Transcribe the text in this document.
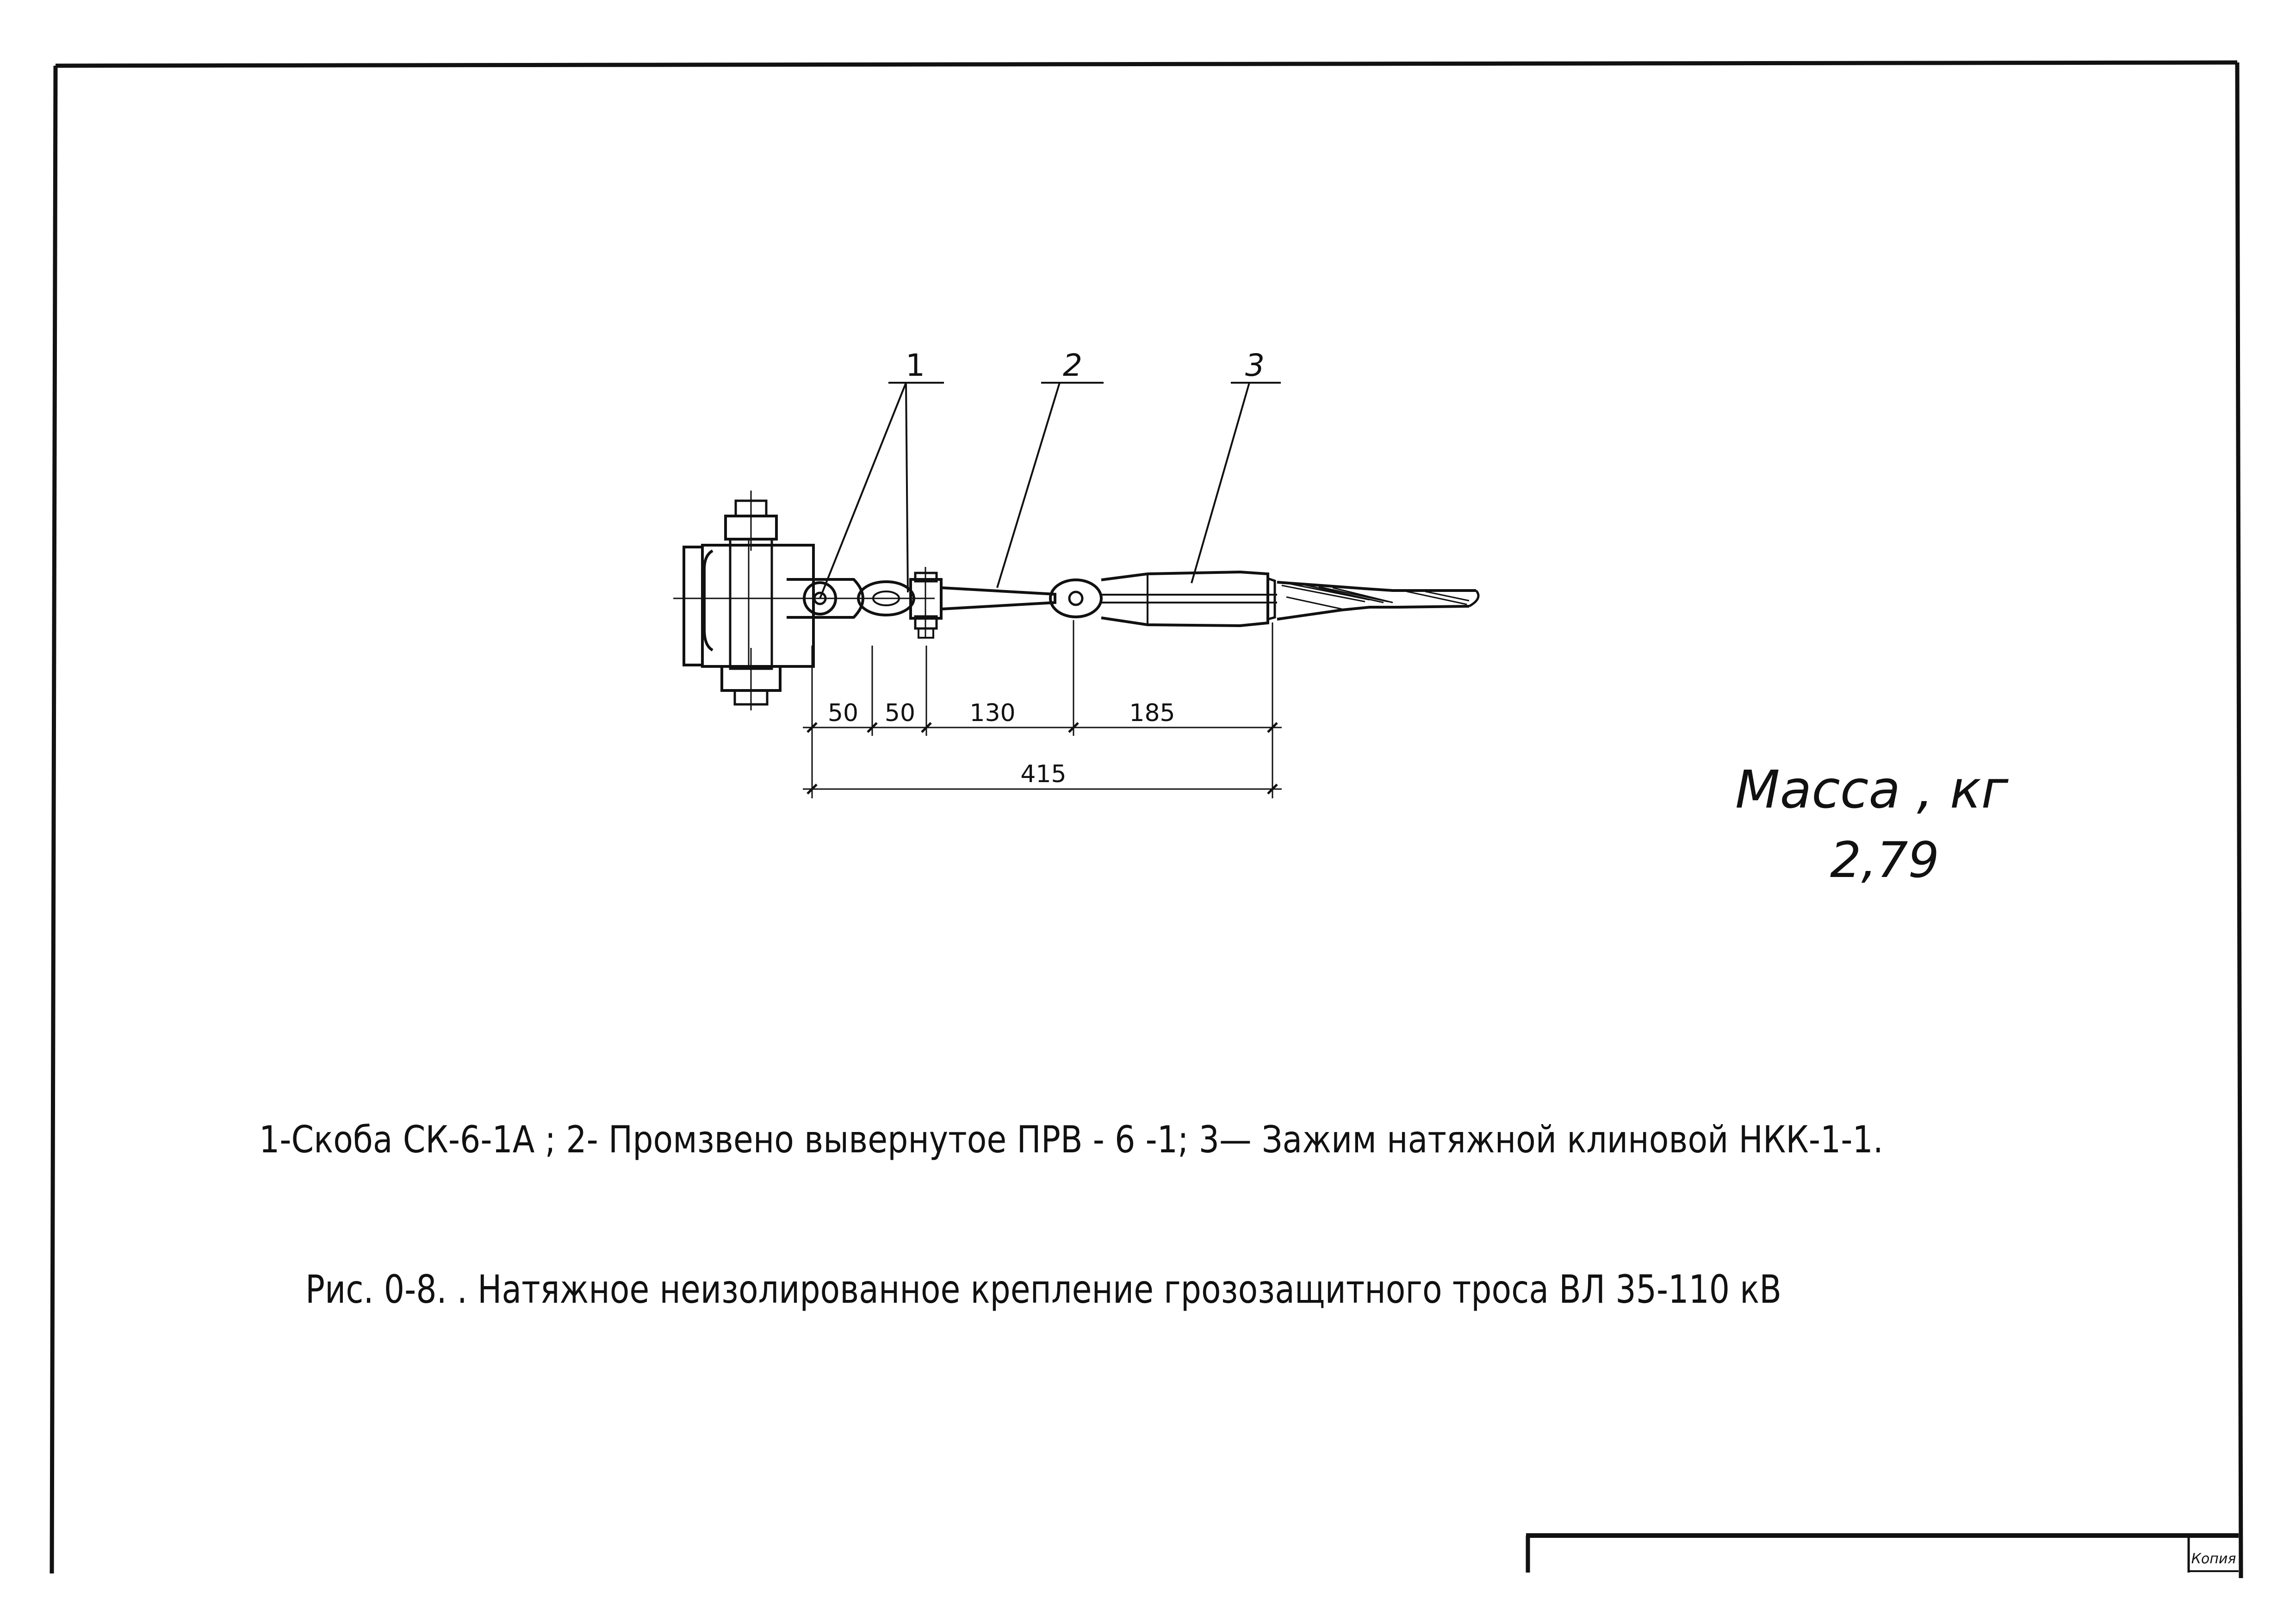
Копия
1	2	3
50 50 130	185
415	Масса , кг
2,79
1-Скоба СК-6-1А ; 2- Промзвено вывернутое ПРВ - 6 -1; 3— Зажим натяжной клиновой НКК-1-1.
Рис. 0-8. . Натяжное неизолированное крепление грозозащитного троса ВЛ 35-110 кВ
